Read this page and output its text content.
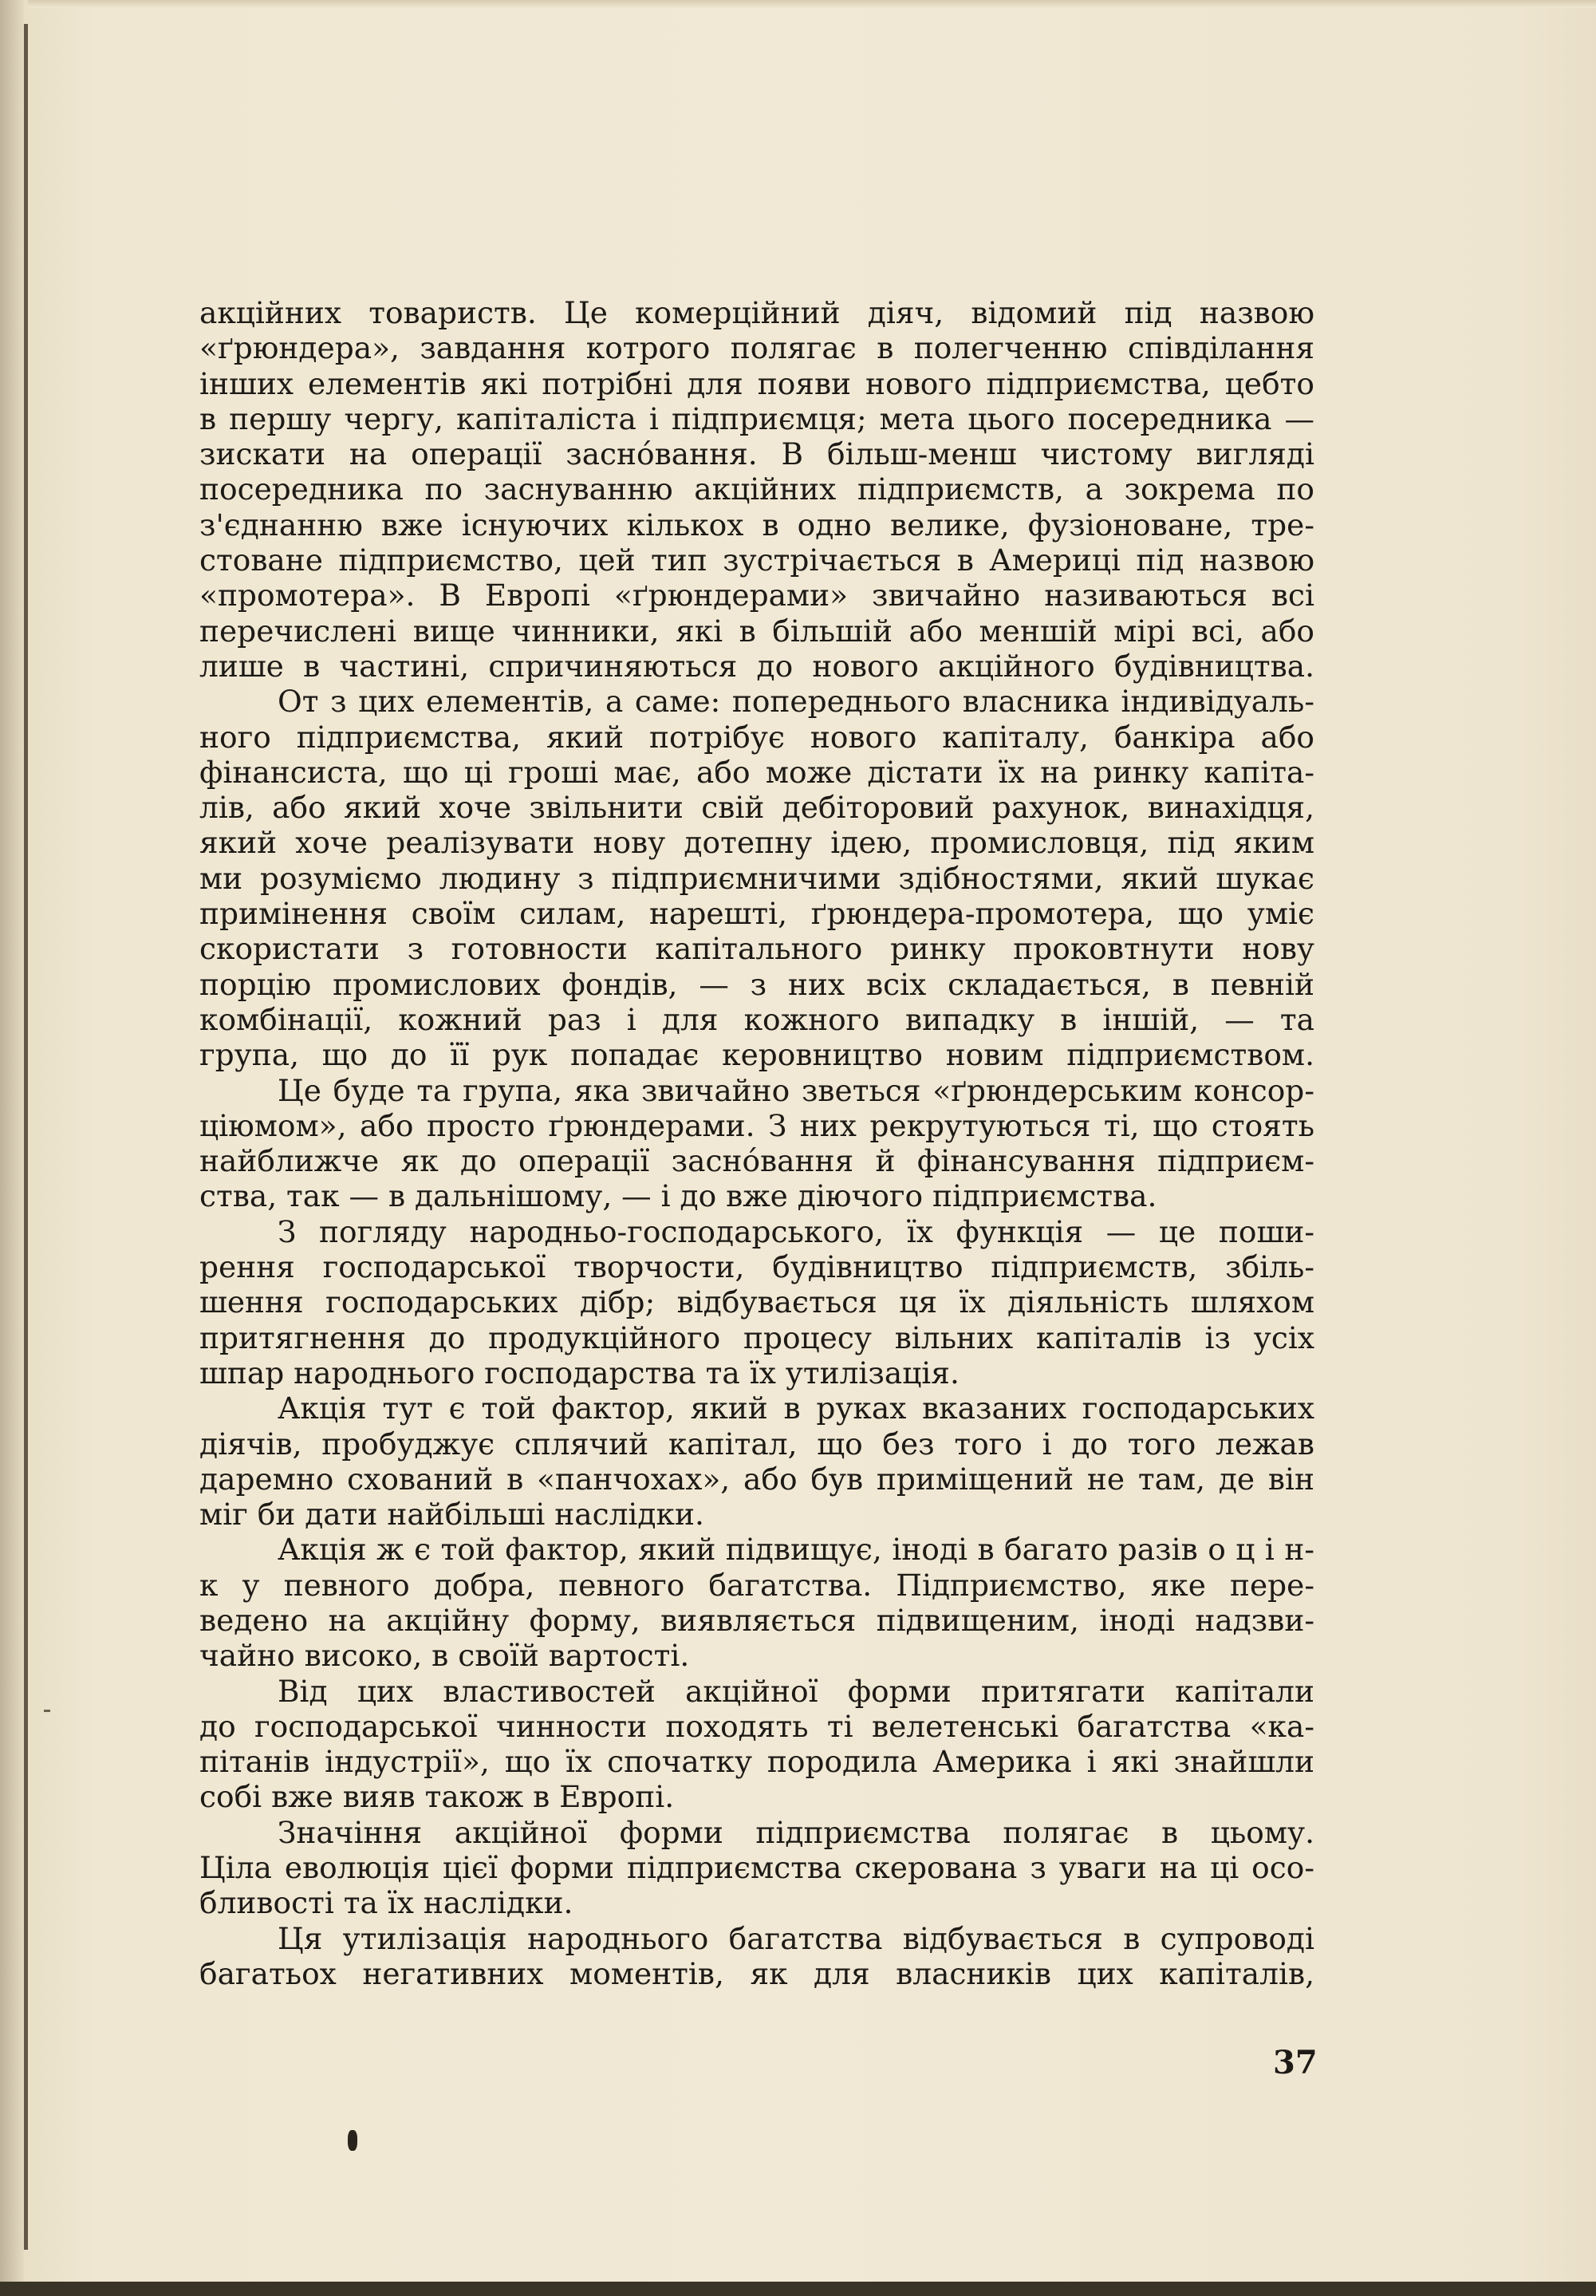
акційних товариств. Це комерційний діяч, відомий під назвою
«ґрюндера», завдання котрого полягає в полегченню співділання
інших елементів які потрібні для появи нового підприємства, цебто
в першу чергу, капіталіста і підприємця; мета цього посередника —
зискати на операції заснóвання. В більш-менш чистому вигляді
посередника по заснуванню акційних підприємств, а зокрема по
з'єднанню вже існуючих кількох в одно велике, фузіоноване, тре-
стоване підприємство, цей тип зустрічається в Америці під назвою
«промотера». В Европі «ґрюндерами» звичайно називаються всі
перечислені вище чинники, які в більшій або меншій мірі всі, або
лише в частині, спричиняються до нового акційного будівництва.
От з цих елементів, а саме: попереднього власника індивідуаль-
ного підприємства, який потрібує нового капіталу, банкіра або
фінансиста, що ці гроші має, або може дістати їх на ринку капіта-
лів, або який хоче звільнити свій дебіторовий рахунок, винахідця,
який хоче реалізувати нову дотепну ідею, промисловця, під яким
ми розуміємо людину з підприємничими здібностями, який шукає
примінення своїм силам, нарешті, ґрюндера-промотера, що уміє
скористати з готовности капітального ринку проковтнути нову
порцію промислових фондів, — з них всіх складається, в певній
комбінації, кожний раз і для кожного випадку в іншій, — та
група, що до її рук попадає керовництво новим підприємством.
Це буде та група, яка звичайно зветься «ґрюндерським консор-
ціюмом», або просто ґрюндерами. З них рекрутуються ті, що стоять
найближче як до операції заснóвання й фінансування підприєм-
ства, так — в дальнішому, — і до вже діючого підприємства.
З погляду народньо-господарського, їх функція — це поши-
рення господарської творчости, будівництво підприємств, збіль-
шення господарських дібр; відбувається ця їх діяльність шляхом
притягнення до продукційного процесу вільних капіталів із усіх
шпар народнього господарства та їх утилізація.
Акція тут є той фактор, який в руках вказаних господарських
діячів, пробуджує сплячий капітал, що без того і до того лежав
даремно схований в «панчохах», або був приміщений не там, де він
міг би дати найбільші наслідки.
Акція ж є той фактор, який підвищує, іноді в багато разів о ц і н-
к у певного добра, певного багатства. Підприємство, яке пере-
ведено на акційну форму, виявляється підвищеним, іноді надзви-
чайно високо, в своїй вартості.
Від цих властивостей акційної форми притягати капітали
до господарської чинности походять ті велетенські багатства «ка-
пітанів індустрії», що їх спочатку породила Америка і які знайшли
собі вже вияв також в Европі.
Значіння акційної форми підприємства полягає в цьому.
Ціла еволюція цієї форми підприємства скерована з уваги на ці осо-
бливості та їх наслідки.
Ця утилізація народнього багатства відбувається в супроводі
багатьох негативних моментів, як для власників цих капіталів,
37
